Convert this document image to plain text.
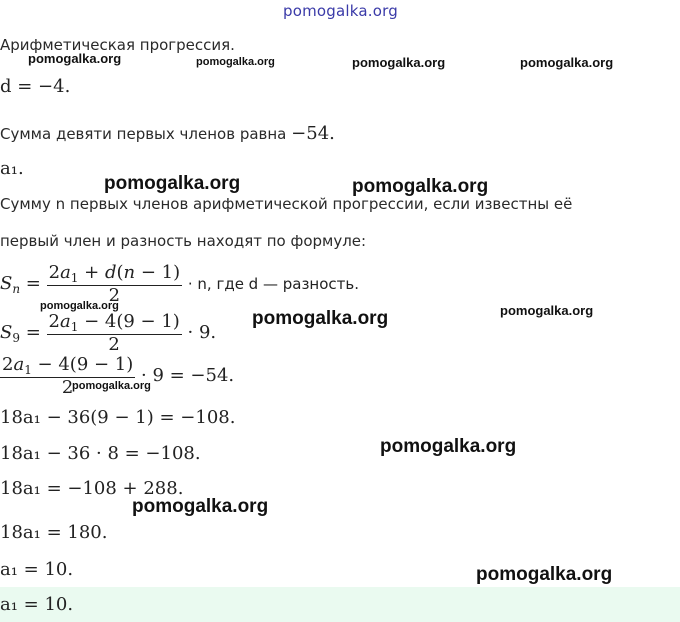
pomogalka.org
Арифметическая прогрессия.
d = −4.
Сумма девяти первых членов равна −54.
a₁.
Сумму n первых членов арифметической прогрессии, если известны её
первый член и разность находят по формуле:
$S_n = \frac{2a_1 + d(n - 1)}{2} \cdot n$, где d — разность.
$S_9 = \frac{2a_1 - 4(9 - 1)}{2} \cdot 9$.
$\frac{2a_1 - 4(9 - 1)}{2} \cdot 9 = -54$.
18a₁ − 36(9 − 1) = −108.
18a₁ − 36 · 8 = −108.
18a₁ = −108 + 288.
18a₁ = 180.
a₁ = 10.
a₁ = 10.
pomogalka.org	pomogalka.org	pomogalka.org	pomogalka.org
pomogalka.org	pomogalka.org
pomogalka.org
pomogalka.org	pomogalka.org
pomogalka.org
pomogalka.org
pomogalka.org
pomogalka.org
